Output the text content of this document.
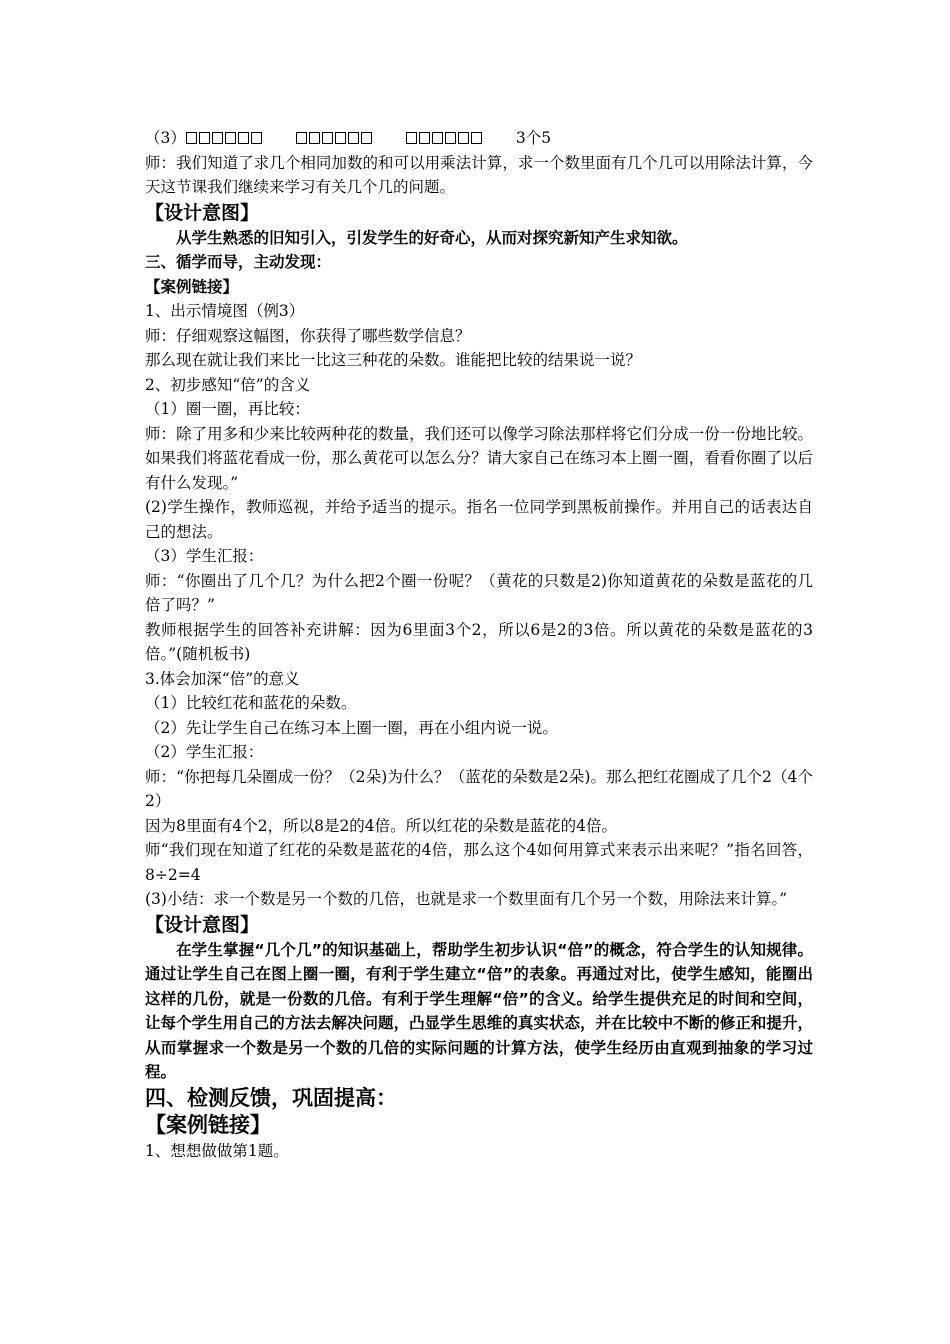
（3）	3个5

师：我们知道了求几个相同加数的和可以用乘法计算，求一个数里面有几个几可以用除法计算，今天这节课我们继续来学习有关几个几的问题。

【设计意图】

从学生熟悉的旧知引入，引发学生的好奇心，从而对探究新知产生求知欲。

三、循学而导，主动发现：

【案例链接】

1、出示情境图（例3）

师：仔细观察这幅图，你获得了哪些数学信息？

那么现在就让我们来比一比这三种花的朵数。谁能把比较的结果说一说？

2、初步感知“倍”的含义

（1）圈一圈，再比较：

师：除了用多和少来比较两种花的数量，我们还可以像学习除法那样将它们分成一份一份地比较。如果我们将蓝花看成一份，那么黄花可以怎么分？请大家自己在练习本上圈一圈，看看你圈了以后有什么发现。”

(2)学生操作，教师巡视，并给予适当的提示。指名一位同学到黑板前操作。并用自己的话表达自己的想法。

（3）学生汇报：

师：“你圈出了几个几？为什么把2个圈一份呢？（黄花的只数是2)你知道黄花的朵数是蓝花的几倍了吗？”

教师根据学生的回答补充讲解：因为6里面3个2，所以6是2的3倍。所以黄花的朵数是蓝花的3倍。”(随机板书)

3.体会加深“倍”的意义

（1）比较红花和蓝花的朵数。

（2）先让学生自己在练习本上圈一圈，再在小组内说一说。

（2）学生汇报：

师：“你把每几朵圈成一份？（2朵)为什么？（蓝花的朵数是2朵)。那么把红花圈成了几个2（4个2）

因为8里面有4个2，所以8是2的4倍。所以红花的朵数是蓝花的4倍。

师“我们现在知道了红花的朵数是蓝花的4倍，那么这个4如何用算式来表示出来呢？”指名回答，8÷2=4

(3)小结：求一个数是另一个数的几倍，也就是求一个数里面有几个另一个数，用除法来计算。”

【设计意图】

在学生掌握“几个几”的知识基础上，帮助学生初步认识“倍”的概念，符合学生的认知规律。通过让学生自己在图上圈一圈，有利于学生建立“倍”的表象。再通过对比，使学生感知，能圈出这样的几份，就是一份数的几倍。有利于学生理解“倍”的含义。给学生提供充足的时间和空间，让每个学生用自己的方法去解决问题，凸显学生思维的真实状态，并在比较中不断的修正和提升，从而掌握求一个数是另一个数的几倍的实际问题的计算方法，使学生经历由直观到抽象的学习过程。

四、检测反馈，巩固提高：

【案例链接】

1、想想做做第1题。
